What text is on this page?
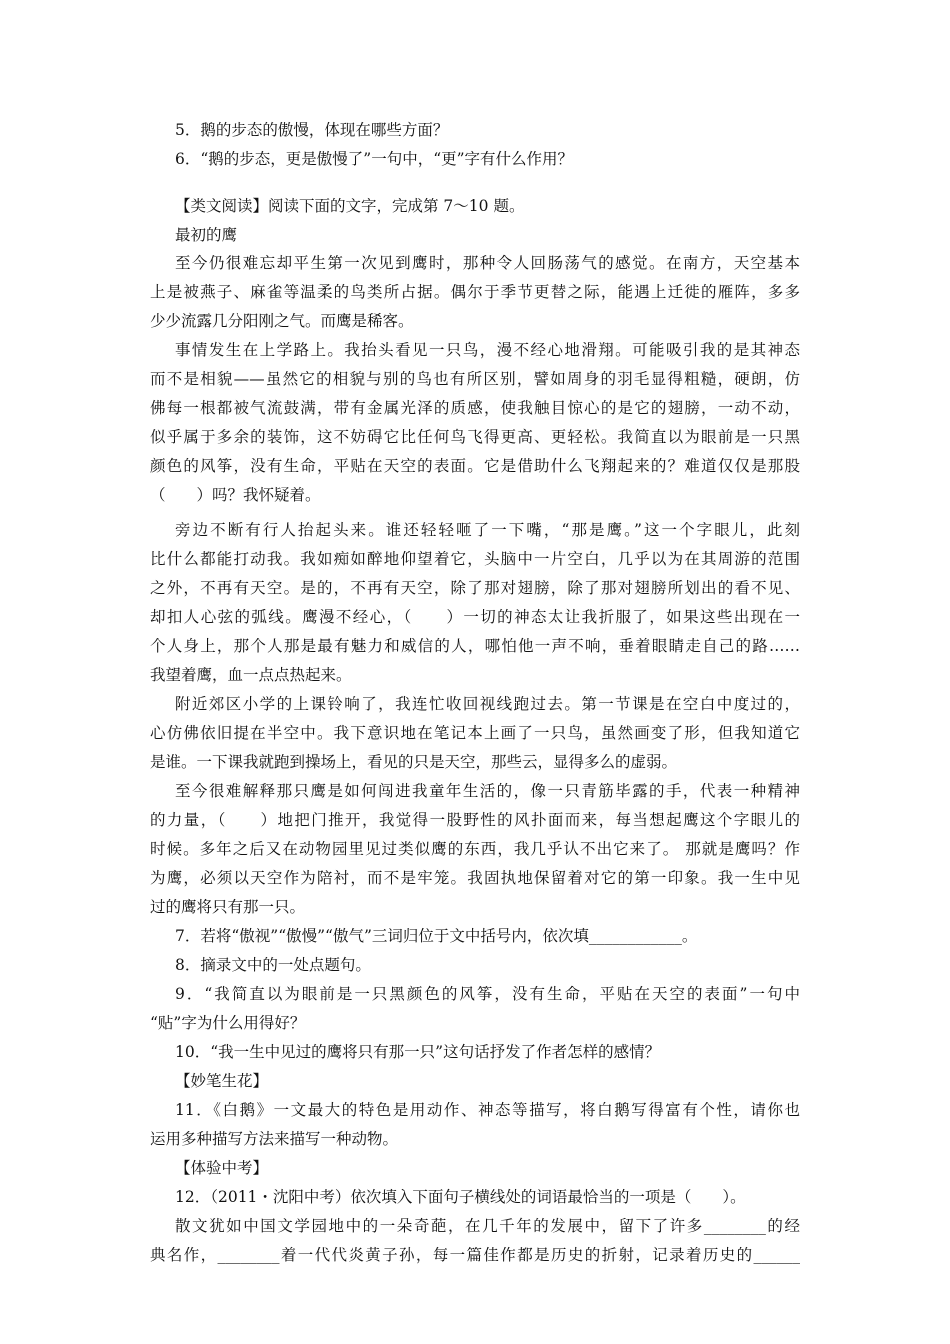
5．鹅的步态的傲慢，体现在哪些方面？
6．“鹅的步态，更是傲慢了”一句中，“更”字有什么作用？
【类文阅读】阅读下面的文字，完成第 7～10 题。
最初的鹰
至今仍很难忘却平生第一次见到鹰时，那种令人回肠荡气的感觉。在南方，天空基本
上是被燕子、麻雀等温柔的鸟类所占据。偶尔于季节更替之际，能遇上迁徙的雁阵，多多
少少流露几分阳刚之气。而鹰是稀客。
事情发生在上学路上。我抬头看见一只鸟，漫不经心地滑翔。可能吸引我的是其神态
而不是相貌——虽然它的相貌与别的鸟也有所区别，譬如周身的羽毛显得粗糙，硬朗，仿
佛每一根都被气流鼓满，带有金属光泽的质感，使我触目惊心的是它的翅膀，一动不动，
似乎属于多余的装饰，这不妨碍它比任何鸟飞得更高、更轻松。我简直以为眼前是一只黑
颜色的风筝，没有生命，平贴在天空的表面。它是借助什么飞翔起来的？难道仅仅是那股
（　　）吗？我怀疑着。
旁边不断有行人抬起头来。谁还轻轻咂了一下嘴，“那是鹰。”这一个字眼儿，此刻
比什么都能打动我。我如痴如醉地仰望着它，头脑中一片空白，几乎以为在其周游的范围
之外，不再有天空。是的，不再有天空，除了那对翅膀，除了那对翅膀所划出的看不见、
却扣人心弦的弧线。鹰漫不经心，（　　）一切的神态太让我折服了，如果这些出现在一
个人身上，那个人那是最有魅力和威信的人，哪怕他一声不响，垂着眼睛走自己的路……
我望着鹰，血一点点热起来。
附近郊区小学的上课铃响了，我连忙收回视线跑过去。第一节课是在空白中度过的，
心仿佛依旧提在半空中。我下意识地在笔记本上画了一只鸟，虽然画变了形，但我知道它
是谁。一下课我就跑到操场上，看见的只是天空，那些云，显得多么的虚弱。
至今很难解释那只鹰是如何闯进我童年生活的，像一只青筋毕露的手，代表一种精神
的力量，（　　）地把门推开，我觉得一股野性的风扑面而来，每当想起鹰这个字眼儿的
时候。多年之后又在动物园里见过类似鹰的东西，我几乎认不出它来了。 那就是鹰吗？作
为鹰，必须以天空作为陪衬，而不是牢笼。我固执地保留着对它的第一印象。我一生中见
过的鹰将只有那一只。
7．若将“傲视”“傲慢”“傲气”三词归位于文中括号内，依次填____________。
8．摘录文中的一处点题句。
9．“我简直以为眼前是一只黑颜色的风筝，没有生命，平贴在天空的表面”一句中
“贴”字为什么用得好？
10．“我一生中见过的鹰将只有那一只”这句话抒发了作者怎样的感情？
【妙笔生花】
11．《白鹅》一文最大的特色是用动作、神态等描写，将白鹅写得富有个性，请你也
运用多种描写方法来描写一种动物。
【体验中考】
12．（2011・沈阳中考）依次填入下面句子横线处的词语最恰当的一项是（　　）。
散文犹如中国文学园地中的一朵奇葩，在几千年的发展中，留下了许多________的经
典名作，________着一代代炎黄子孙，每一篇佳作都是历史的折射，记录着历史的______
